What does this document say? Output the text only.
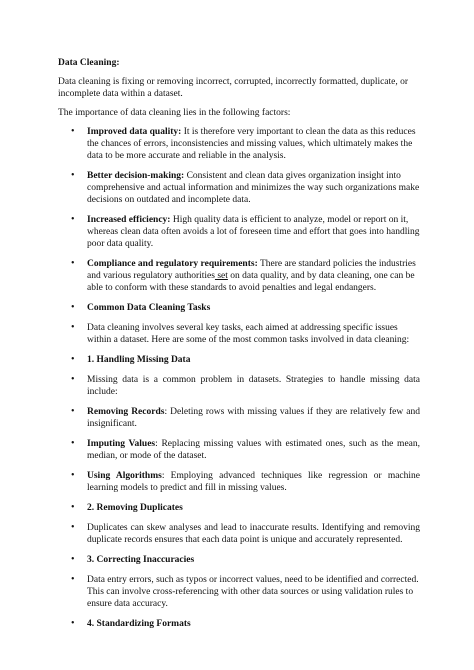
Data Cleaning:

Data cleaning is fixing or removing incorrect, corrupted, incorrectly formatted, duplicate, or incomplete data within a dataset.

The importance of data cleaning lies in the following factors:

• Improved data quality: It is therefore very important to clean the data as this reduces the chances of errors, inconsistencies and missing values, which ultimately makes the data to be more accurate and reliable in the analysis.
• Better decision-making: Consistent and clean data gives organization insight into comprehensive and actual information and minimizes the way such organizations make decisions on outdated and incomplete data.
• Increased efficiency: High quality data is efficient to analyze, model or report on it, whereas clean data often avoids a lot of foreseen time and effort that goes into handling poor data quality.
• Compliance and regulatory requirements: There are standard policies the industries and various regulatory authorities set on data quality, and by data cleaning, one can be able to conform with these standards to avoid penalties and legal endangers.
• Common Data Cleaning Tasks
• Data cleaning involves several key tasks, each aimed at addressing specific issues within a dataset. Here are some of the most common tasks involved in data cleaning:
• 1. Handling Missing Data
• Missing data is a common problem in datasets. Strategies to handle missing data include:
• Removing Records: Deleting rows with missing values if they are relatively few and insignificant.
• Imputing Values: Replacing missing values with estimated ones, such as the mean, median, or mode of the dataset.
• Using Algorithms: Employing advanced techniques like regression or machine learning models to predict and fill in missing values.
• 2. Removing Duplicates
• Duplicates can skew analyses and lead to inaccurate results. Identifying and removing duplicate records ensures that each data point is unique and accurately represented.
• 3. Correcting Inaccuracies
• Data entry errors, such as typos or incorrect values, need to be identified and corrected. This can involve cross-referencing with other data sources or using validation rules to ensure data accuracy.
• 4. Standardizing Formats
